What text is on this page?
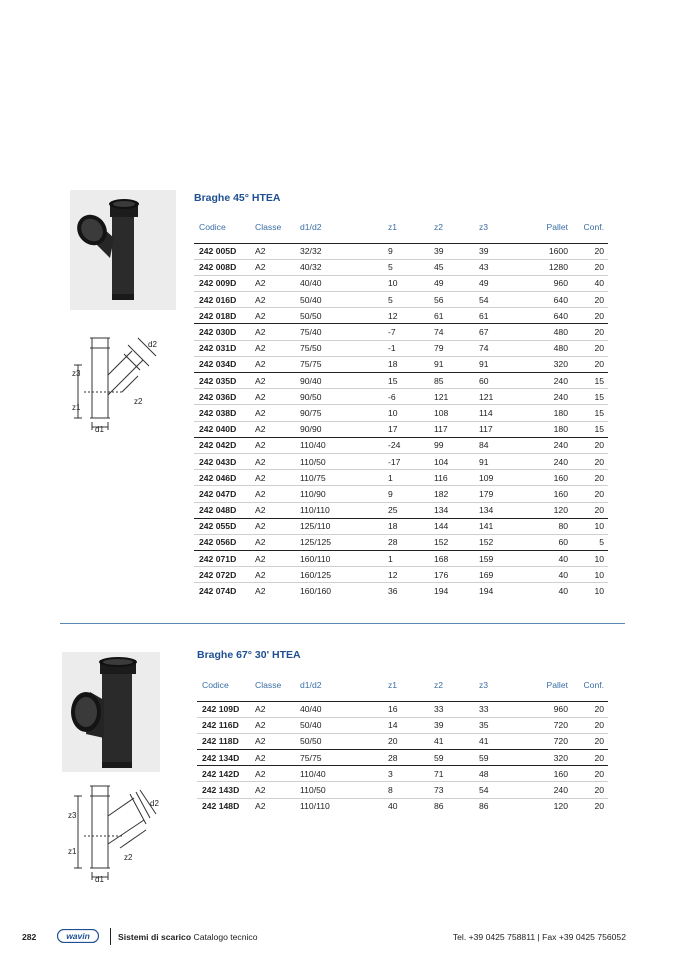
z3
z1
d1
d2
z2
Braghe 45° HTEA
Codice	Classe	d1/d2	z1	z2	z3	Pallet	Conf.
242 005D	A2	32/32	9	39	39	1600	20
242 008D	A2	40/32	5	45	43	1280	20
242 009D	A2	40/40	10	49	49	960	40
242 016D	A2	50/40	5	56	54	640	20
242 018D	A2	50/50	12	61	61	640	20
242 030D	A2	75/40	-7	74	67	480	20
242 031D	A2	75/50	-1	79	74	480	20
242 034D	A2	75/75	18	91	91	320	20
242 035D	A2	90/40	15	85	60	240	15
242 036D	A2	90/50	-6	121	121	240	15
242 038D	A2	90/75	10	108	114	180	15
242 040D	A2	90/90	17	117	117	180	15
242 042D	A2	110/40	-24	99	84	240	20
242 043D	A2	110/50	-17	104	91	240	20
242 046D	A2	110/75	1	116	109	160	20
242 047D	A2	110/90	9	182	179	160	20
242 048D	A2	110/110	25	134	134	120	20
242 055D	A2	125/110	18	144	141	80	10
242 056D	A2	125/125	28	152	152	60	5
242 071D	A2	160/110	1	168	159	40	10
242 072D	A2	160/125	12	176	169	40	10
242 074D	A2	160/160	36	194	194	40	10
z3
z1
d1
d2
z2
Braghe 67° 30' HTEA
Codice	Classe	d1/d2	z1	z2	z3	Pallet	Conf.
242 109D	A2	40/40	16	33	33	960	20
242 116D	A2	50/40	14	39	35	720	20
242 118D	A2	50/50	20	41	41	720	20
242 134D	A2	75/75	28	59	59	320	20
242 142D	A2	110/40	3	71	48	160	20
242 143D	A2	110/50	8	73	54	240	20
242 148D	A2	110/110	40	86	86	120	20
282	wavin	Sistemi di scarico Catalogo tecnico	Tel. +39 0425 758811 | Fax +39 0425 756052
